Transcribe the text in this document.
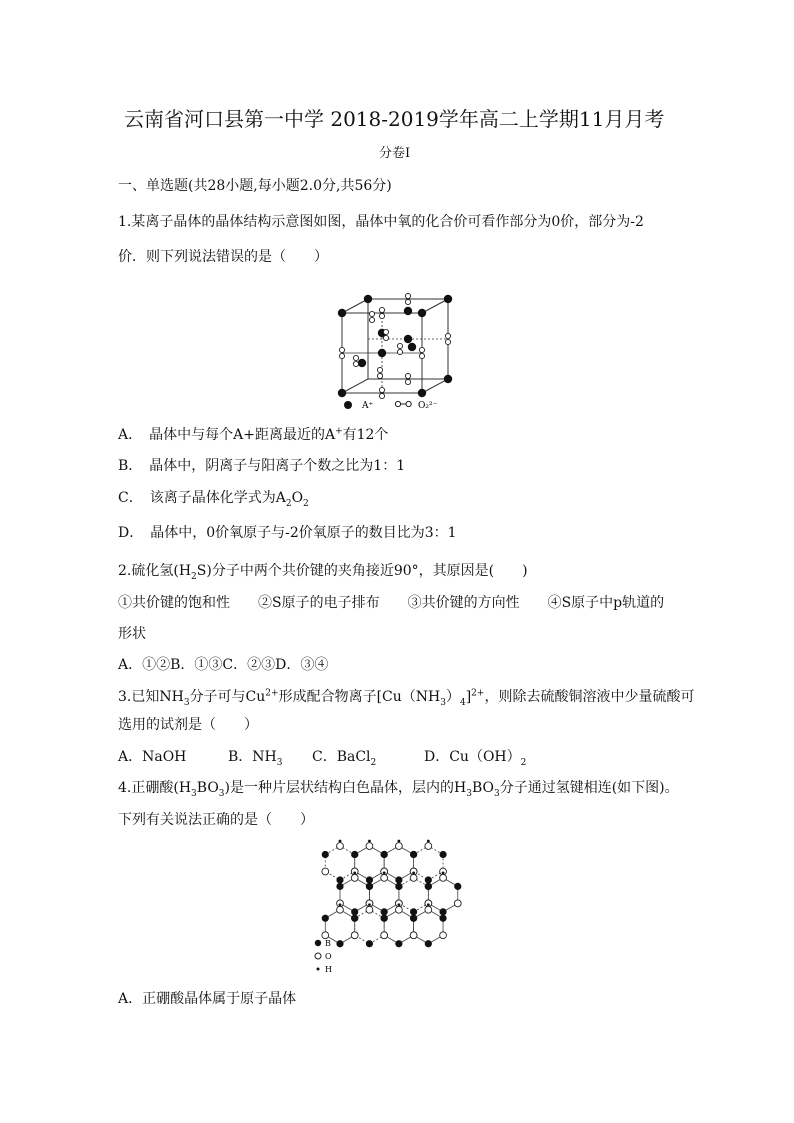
云南省河口县第一中学 2018-2019学年高二上学期11月月考
分卷I
一、单选题(共28小题,每小题2.0分,共56分)
1.某离子晶体的晶体结构示意图如图，晶体中氧的化合价可看作部分为0价，部分为-2
价．则下列说法错误的是（　　）
A⁺	O₂²⁻
A．　晶体中与每个A+距离最近的A+有12个
B．　晶体中，阴离子与阳离子个数之比为1：1
C．　该离子晶体化学式为$A_2O_2$
D．　晶体中，0价氧原子与-2价氧原子的数目比为3：1
2.硫化氢$(H_2S)$分子中两个共价键的夹角接近90°，其原因是(　　)
①共价键的饱和性　　②S原子的电子排布　　③共价键的方向性　　④S原子中p轨道的
形状
A．①②B．①③C．②③D．③④
3.已知$NH_3$分子可与$Cu^{2+}$形成配合物离子$[Cu(NH_3)_4]^{2+}$，则除去硫酸铜溶液中少量硫酸可
选用的试剂是（　　）
A．NaOH	B．$NH_3$ C．BaCl$_2$	D．$Cu(OH)_2$
4.正硼酸$(H_3BO_3)$是一种片层状结构白色晶体，层内的$H_3BO_3$分子通过氢键相连(如下图)。
下列有关说法正确的是（　　）
B
O
H
A．正硼酸晶体属于原子晶体
